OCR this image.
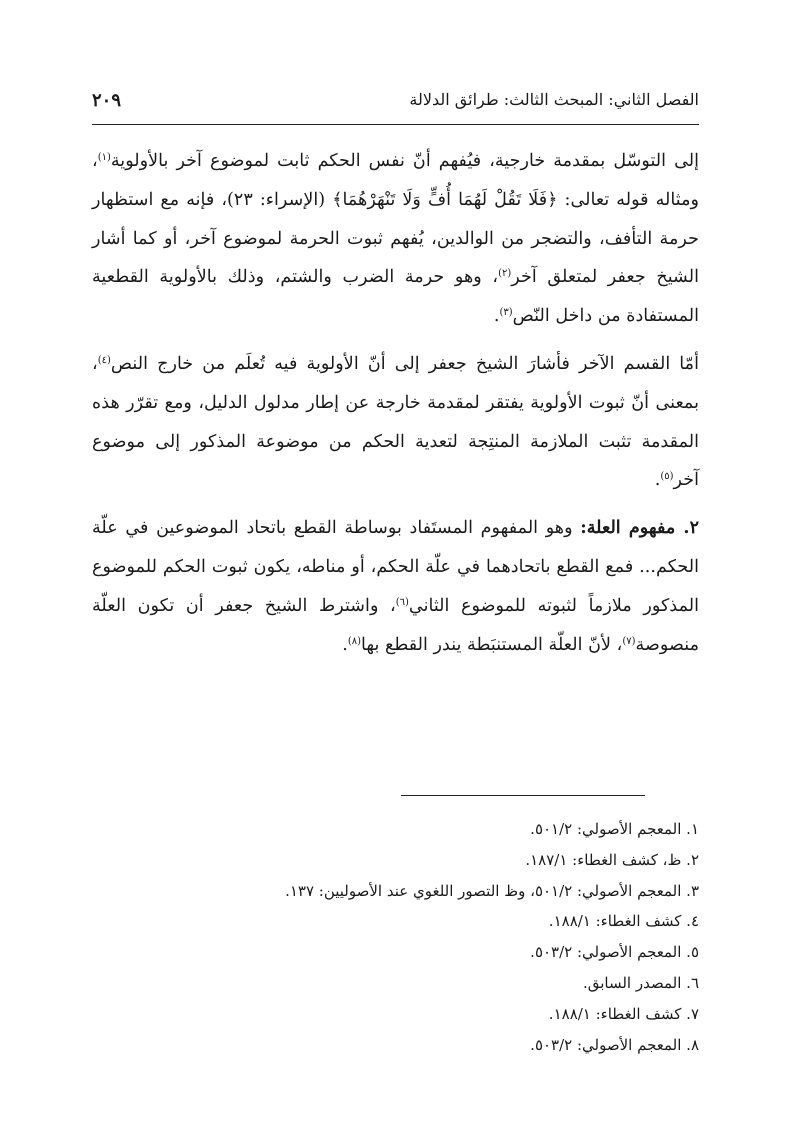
الفصل الثاني: المبحث الثالث: طرائق الدلالة
٢٠٩

إلى التوسّل بمقدمة خارجية، فيُفهم أنّ نفس الحكم ثابت لموضوع آخر بالأولوية$^{(١)}$، ومثاله قوله تعالى: ﴿فَلَا تَقُلْ لَهُمَا أُفٍّ وَلَا تَنْهَرْهُمَا﴾ (الإسراء: ٢٣)، فإنه مع استظهار حرمة التأفف، والتضجر من الوالدين، يُفهم ثبوت الحرمة لموضوع آخر، أو كما أشار الشيخ جعفر لمتعلق آخر$^{(٢)}$، وهو حرمة الضرب والشتم، وذلك بالأولوية القطعية المستفادة من داخل النّص$^{(٣)}$.

أمّا القسم الآخر فأشارَ الشيخ جعفر إلى أنّ الأولوية فيه تُعلَم من خارج النص$^{(٤)}$، بمعنى أنّ ثبوت الأولوية يفتقر لمقدمة خارجة عن إطار مدلول الدليل، ومع تقرّر هذه المقدمة تثبت الملازمة المنتِجة لتعدية الحكم من موضوعة المذكور إلى موضوع آخر$^{(٥)}$.

٢. مفهوم العلة: وهو المفهوم المستَفاد بوساطة القطع باتحاد الموضوعين في علّة الحكم... فمع القطع باتحادهما في علّة الحكم، أو مناطه، يكون ثبوت الحكم للموضوع المذكور ملازماً لثبوته للموضوع الثاني$^{(٦)}$، واشترط الشيخ جعفر أن تكون العلّة منصوصة$^{(٧)}$، لأنّ العلّة المستنبَطة يندر القطع بها$^{(٨)}$.

١. المعجم الأصولي: ٥٠١/٢.
٢. ظ، كشف الغطاء: ١٨٧/١.
٣. المعجم الأصولي: ٥٠١/٢، وظ التصور اللغوي عند الأصوليين: ١٣٧.
٤. كشف الغطاء: ١٨٨/١.
٥. المعجم الأصولي: ٥٠٣/٢.
٦. المصدر السابق.
٧. كشف الغطاء: ١٨٨/١.
٨. المعجم الأصولي: ٥٠٣/٢.
